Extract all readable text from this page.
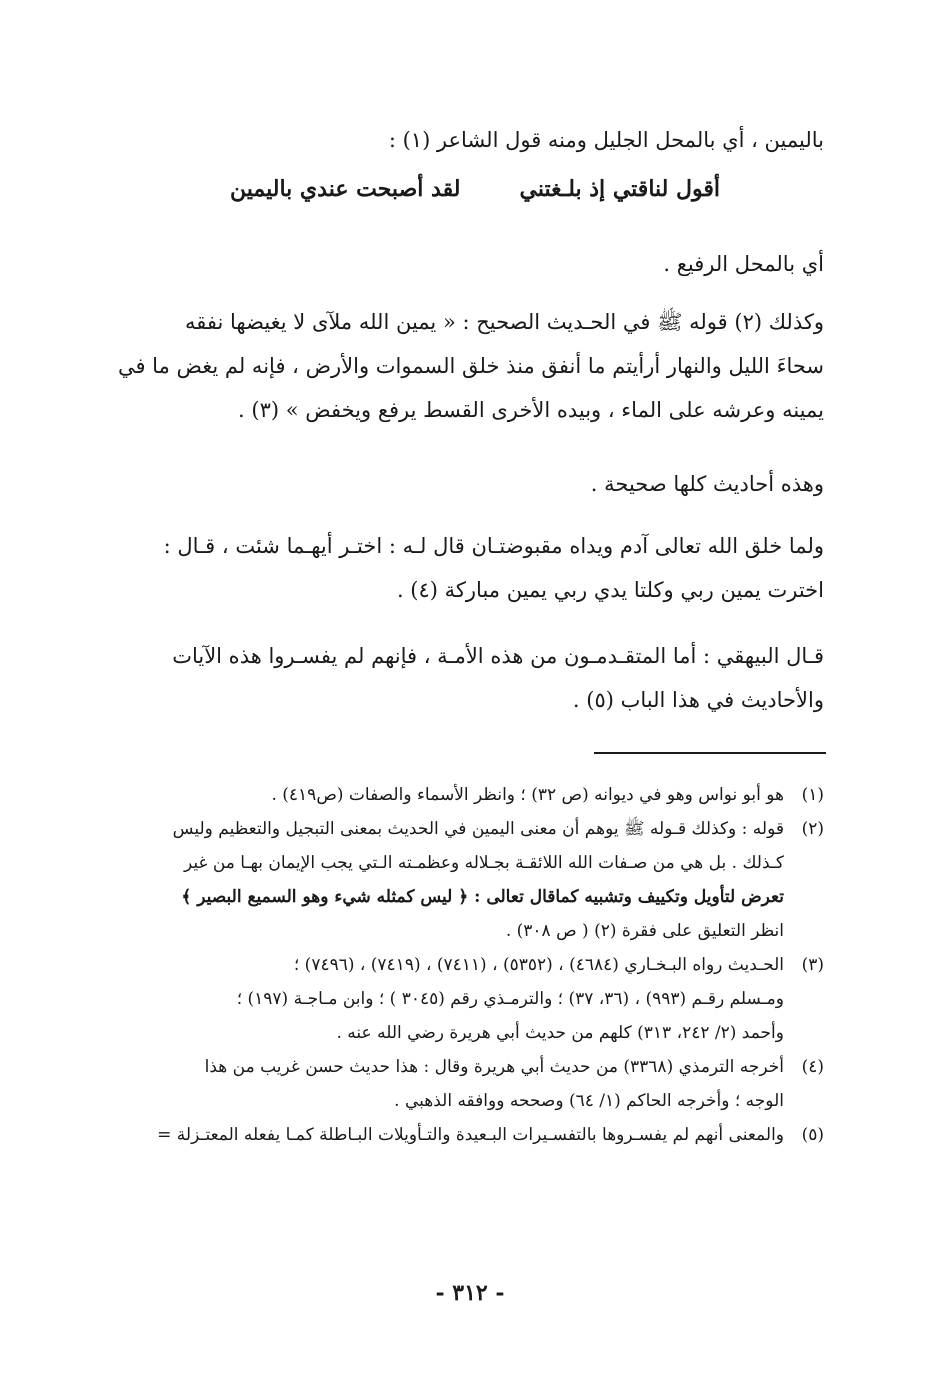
باليمين ، أي بالمحل الجليل ومنه قول الشاعر (١) :

أقول لناقتي إذ بلـغتني
لقد أصبحت عندي باليمين

أي بالمحل الرفيع .

وكذلك (٢) قوله ﷺ في الحـديث الصحيح : « يمين الله ملآى لا يغيضها نفقه

سحاءَ الليل والنهار أرأيتم ما أنفق منذ خلق السموات والأرض ، فإنه لم يغض ما في

يمينه وعرشه على الماء ، وبيده الأخرى القسط يرفع ويخفض » (٣) .

وهذه أحاديث كلها صحيحة .

ولما خلق الله تعالى آدم ويداه مقبوضتـان قال لـه : اختـر أيهـما شئت ، قـال :

اخترت يمين ربي وكلتا يدي ربي يمين مباركة (٤) .

قـال البيهقي : أما المتقـدمـون من هذه الأمـة ، فإنهم لم يفسـروا هذه الآيات

والأحاديث في هذا الباب (٥) .

(١)
هو أبو نواس وهو في ديوانه (ص ٣٢) ؛ وانظر الأسماء والصفات (ص٤١٩) .
(٢)
قوله : وكذلك قـوله ﷺ يوهم أن معنى اليمين في الحديث بمعنى التبجيل والتعظيم وليس
كـذلك . بل هي من صـفات الله اللائقـة بجـلاله وعظمـته الـتي يجب الإيمان بهـا من غير
تعرض لتأويل وتكييف وتشبيه كماقال تعالى : ﴿ ليس كمثله شيء وهو السميع البصير ﴾
انظر التعليق على فقرة (٢) ( ص ٣٠٨) .
(٣)
الحـديث رواه البـخـاري (٤٦٨٤) ، (٥٣٥٢) ، (٧٤١١) ، (٧٤١٩) ، (٧٤٩٦) ؛
ومـسلم رقـم (٩٩٣) ، (٣٦، ٣٧) ؛ والترمـذي رقم (٣٠٤٥ ) ؛ وابن مـاجـة (١٩٧) ؛
وأحمد (٢/ ٢٤٢، ٣١٣) كلهم من حديث أبي هريرة رضي الله عنه .
(٤)
أخرجه الترمذي (٣٣٦٨) من حديث أبي هريرة وقال : هذا حديث حسن غريب من هذا
الوجه ؛ وأخرجه الحاكم (١/ ٦٤) وصححه ووافقه الذهبي .
(٥)
والمعنى أنهم لم يفسـروها بالتفسـيرات البـعيدة والتـأويلات البـاطلة كمـا يفعله المعتـزلة =
- ٣١٢ -
